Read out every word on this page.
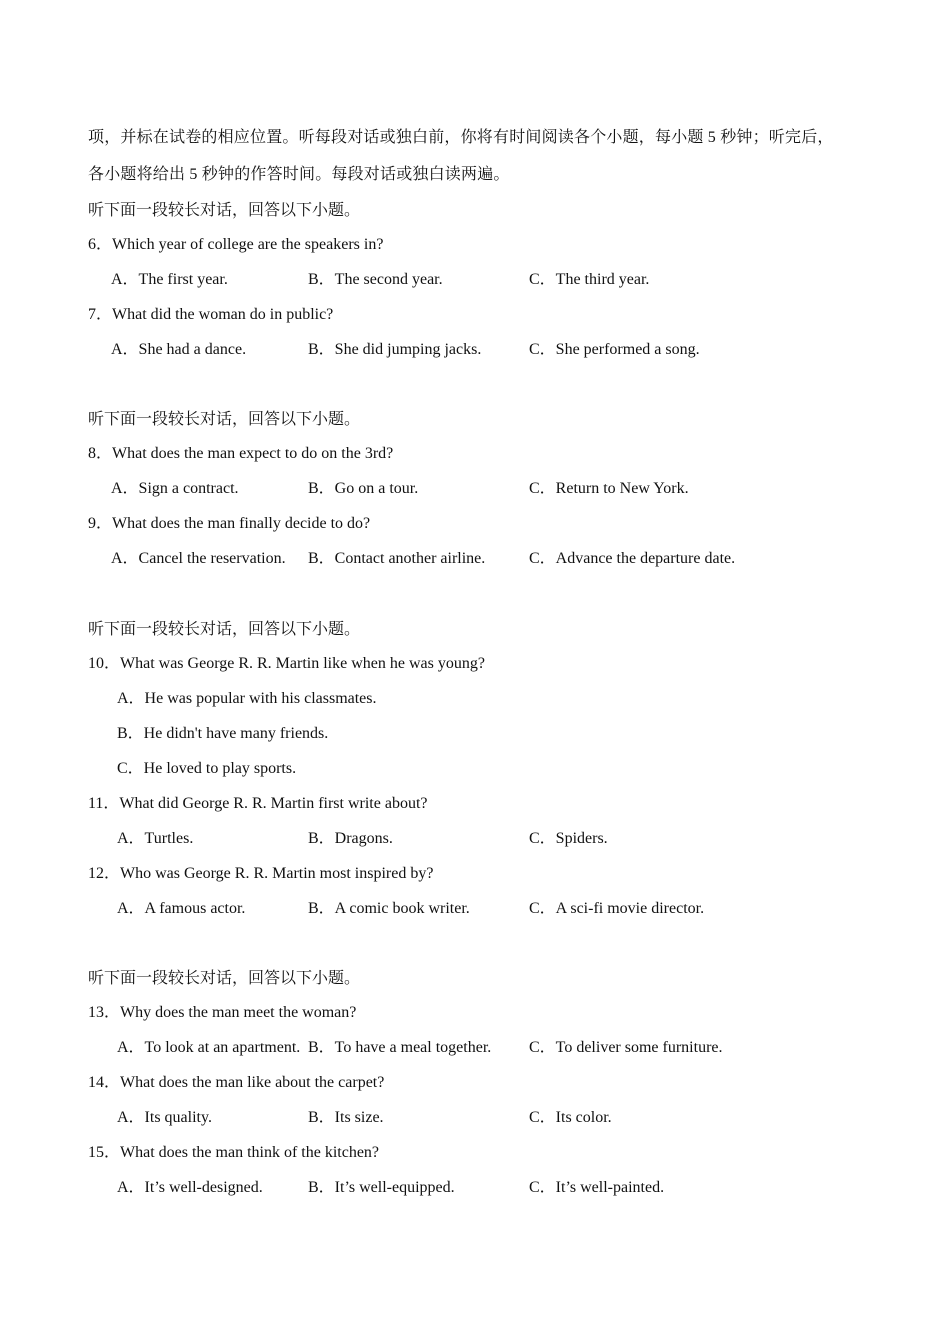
项，并标在试卷的相应位置。听每段对话或独白前，你将有时间阅读各个小题，每小题 5 秒钟；听完后，
各小题将给出 5 秒钟的作答时间。每段对话或独白读两遍。
听下面一段较长对话，回答以下小题。
6．Which year of college are the speakers in?
A．The first year.	B．The second year.	C．The third year.
7．What did the woman do in public?
A．She had a dance.	B．She did jumping jacks.	C．She performed a song.
听下面一段较长对话，回答以下小题。
8．What does the man expect to do on the 3rd?
A．Sign a contract.	B．Go on a tour.	C．Return to New York.
9．What does the man finally decide to do?
A．Cancel the reservation. B．Contact another airline.	C．Advance the departure date.
听下面一段较长对话，回答以下小题。
10．What was George R. R. Martin like when he was young?
A．He was popular with his classmates.
B．He didn't have many friends.
C．He loved to play sports.
11．What did George R. R. Martin first write about?
A．Turtles.	B．Dragons.	C．Spiders.
12．Who was George R. R. Martin most inspired by?
A．A famous actor.	B．A comic book writer.	C．A sci-fi movie director.
听下面一段较长对话，回答以下小题。
13．Why does the man meet the woman?
A．To look at an apartment. B．To have a meal together. C．To deliver some furniture.
14．What does the man like about the carpet?
A．Its quality.	B．Its size.	C．Its color.
15．What does the man think of the kitchen?
A．It’s well-designed.	B．It’s well-equipped.	C．It’s well-painted.
